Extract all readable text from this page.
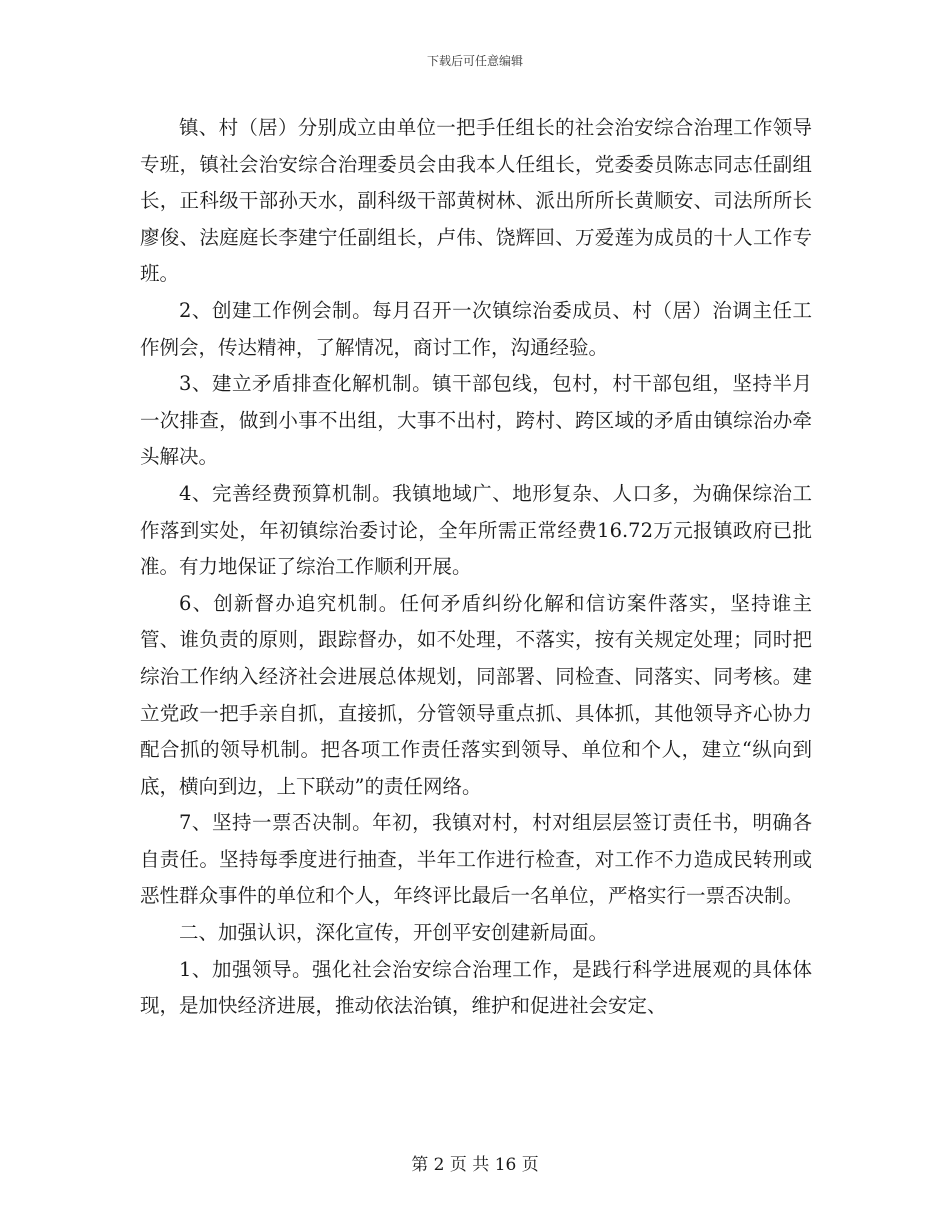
下载后可任意编辑

镇、村（居）分别成立由单位一把手任组长的社会治安综合治理工作领导专班，镇社会治安综合治理委员会由我本人任组长，党委委员陈志同志任副组长，正科级干部孙天水，副科级干部黄树林、派出所所长黄顺安、司法所所长廖俊、法庭庭长李建宁任副组长，卢伟、饶辉回、万爱莲为成员的十人工作专班。

2、创建工作例会制。每月召开一次镇综治委成员、村（居）治调主任工作例会，传达精神，了解情况，商讨工作，沟通经验。

3、建立矛盾排查化解机制。镇干部包线，包村，村干部包组，坚持半月一次排查，做到小事不出组，大事不出村，跨村、跨区域的矛盾由镇综治办牵头解决。

4、完善经费预算机制。我镇地域广、地形复杂、人口多，为确保综治工作落到实处，年初镇综治委讨论，全年所需正常经费16.72万元报镇政府已批准。有力地保证了综治工作顺利开展。

6、创新督办追究机制。任何矛盾纠纷化解和信访案件落实，坚持谁主管、谁负责的原则，跟踪督办，如不处理，不落实，按有关规定处理；同时把综治工作纳入经济社会进展总体规划，同部署、同检查、同落实、同考核。建立党政一把手亲自抓，直接抓，分管领导重点抓、具体抓，其他领导齐心协力配合抓的领导机制。把各项工作责任落实到领导、单位和个人，建立“纵向到底，横向到边，上下联动”的责任网络。

7、坚持一票否决制。年初，我镇对村，村对组层层签订责任书，明确各自责任。坚持每季度进行抽查，半年工作进行检查，对工作不力造成民转刑或恶性群众事件的单位和个人，年终评比最后一名单位，严格实行一票否决制。

二、加强认识，深化宣传，开创平安创建新局面。

1、加强领导。强化社会治安综合治理工作，是践行科学进展观的具体体现，是加快经济进展，推动依法治镇，维护和促进社会安定、

第 2 页 共 16 页
